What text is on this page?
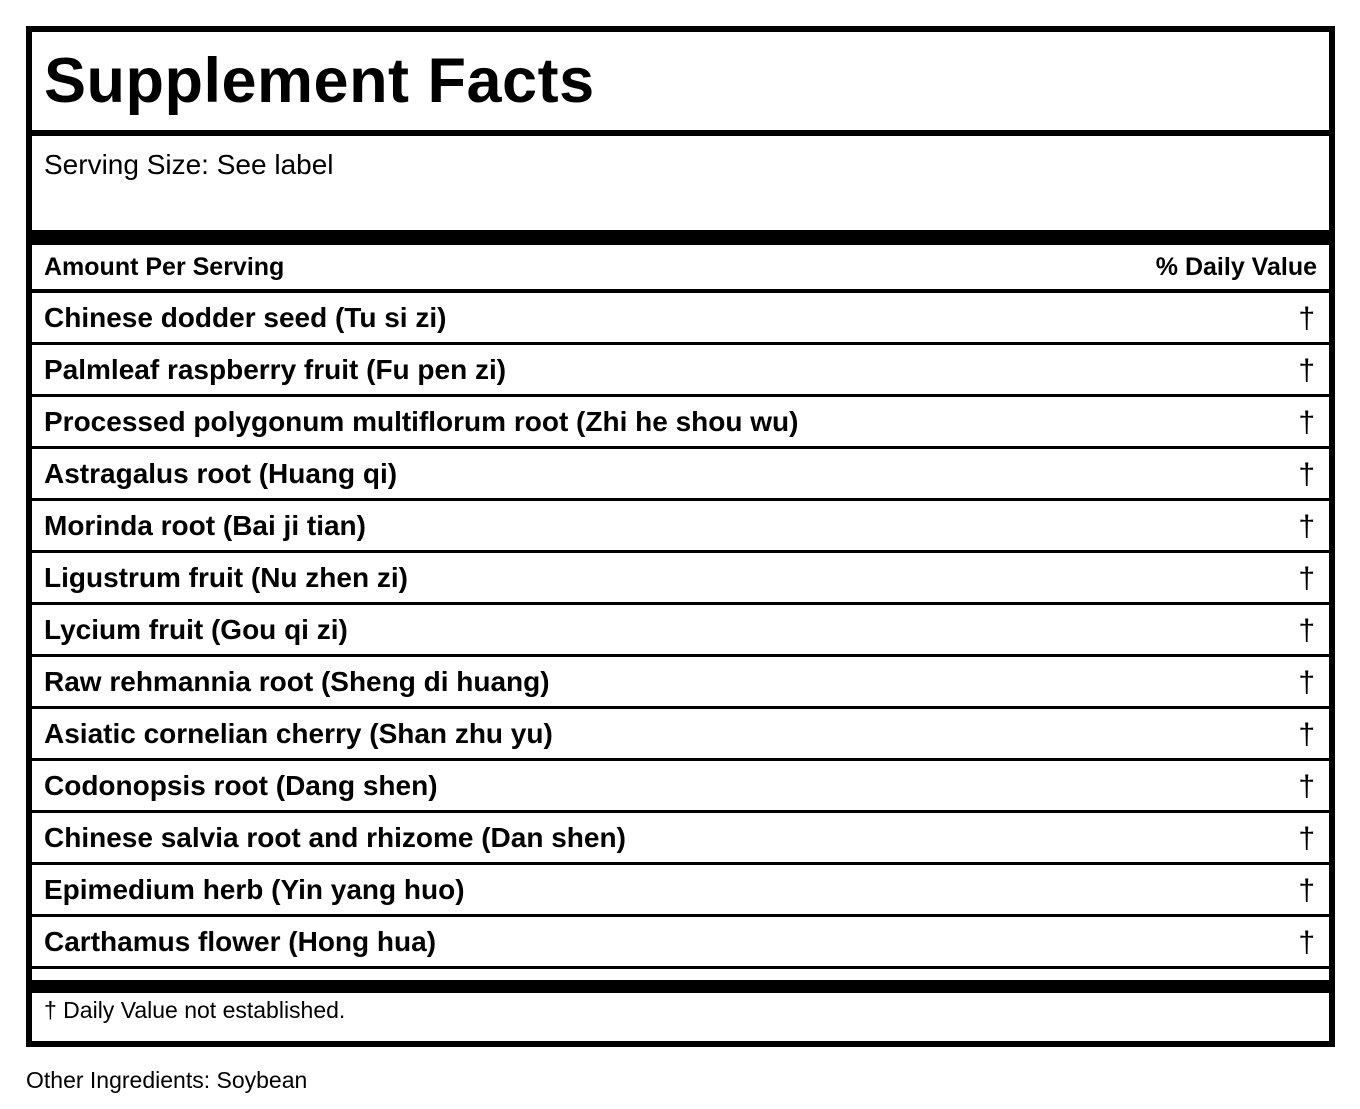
Supplement Facts
Serving Size: See label
Amount Per Serving	% Daily Value
† Daily Value not established.
Chinese dodder seed (Tu si zi)	†
Palmleaf raspberry fruit (Fu pen zi)	†
Processed polygonum multiflorum root (Zhi he shou wu)	†
Astragalus root (Huang qi)	†
Morinda root (Bai ji tian)	†
Ligustrum fruit (Nu zhen zi)	†
Lycium fruit (Gou qi zi)	†
Raw rehmannia root (Sheng di huang)	†
Asiatic cornelian cherry (Shan zhu yu)	†
Codonopsis root (Dang shen)	†
Chinese salvia root and rhizome (Dan shen)	†
Epimedium herb (Yin yang huo)	†
Carthamus flower (Hong hua)	†
Other Ingredients: Soybean
